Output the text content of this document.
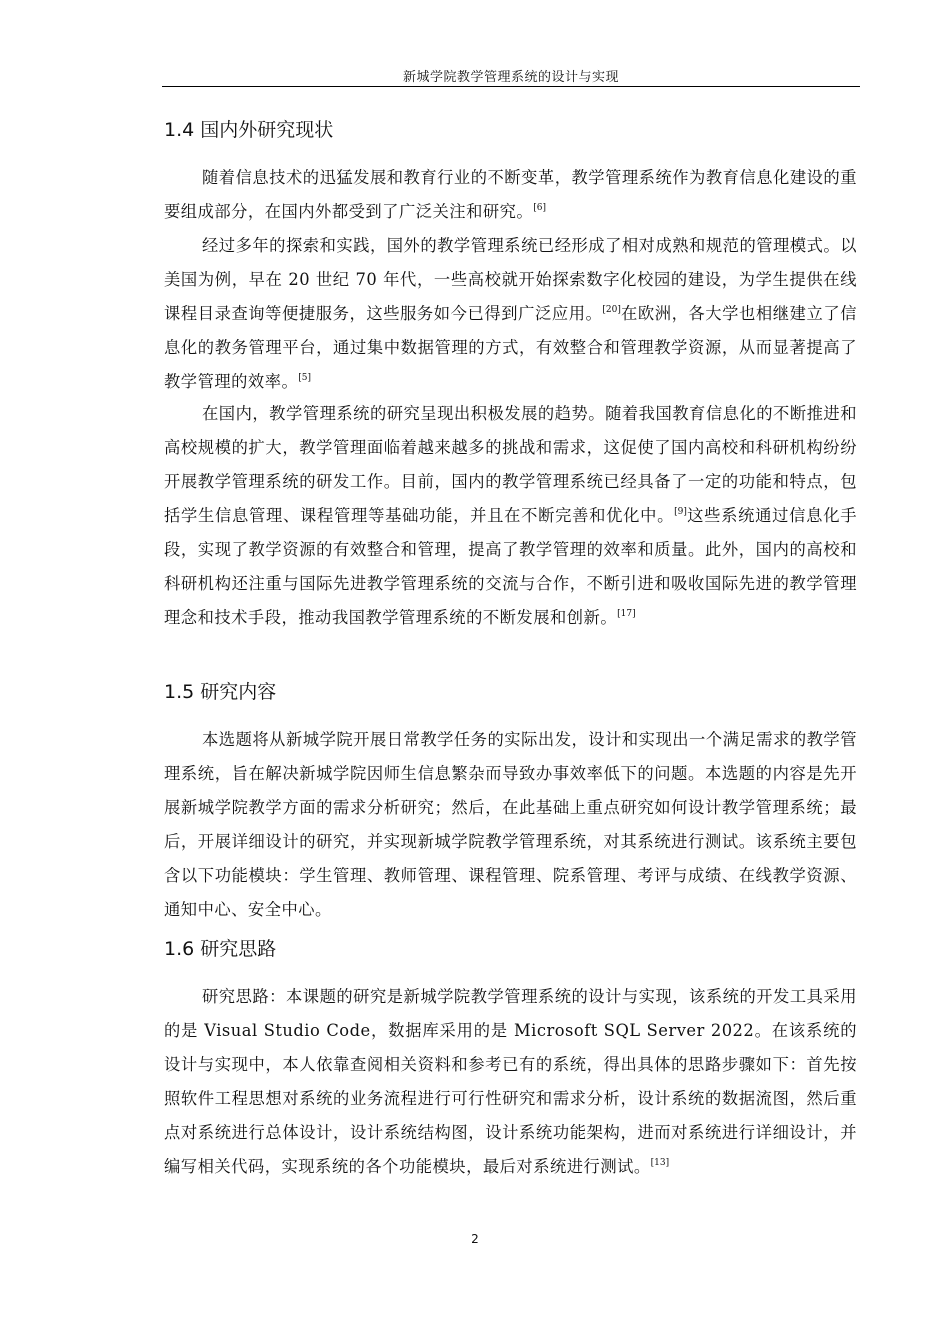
新城学院教学管理系统的设计与实现
1.4 国内外研究现状

随着信息技术的迅猛发展和教育行业的不断变革，教学管理系统作为教育信息化建设的重要组成部分，在国内外都受到了广泛关注和研究。[6]

经过多年的探索和实践，国外的教学管理系统已经形成了相对成熟和规范的管理模式。以美国为例，早在 20 世纪 70 年代，一些高校就开始探索数字化校园的建设，为学生提供在线课程目录查询等便捷服务，这些服务如今已得到广泛应用。[20]在欧洲，各大学也相继建立了信息化的教务管理平台，通过集中数据管理的方式，有效整合和管理教学资源，从而显著提高了教学管理的效率。[5]

在国内，教学管理系统的研究呈现出积极发展的趋势。随着我国教育信息化的不断推进和高校规模的扩大，教学管理面临着越来越多的挑战和需求，这促使了国内高校和科研机构纷纷开展教学管理系统的研发工作。目前，国内的教学管理系统已经具备了一定的功能和特点，包括学生信息管理、课程管理等基础功能，并且在不断完善和优化中。[9]这些系统通过信息化手段，实现了教学资源的有效整合和管理，提高了教学管理的效率和质量。此外，国内的高校和科研机构还注重与国际先进教学管理系统的交流与合作，不断引进和吸收国际先进的教学管理理念和技术手段，推动我国教学管理系统的不断发展和创新。[17]

1.5 研究内容

本选题将从新城学院开展日常教学任务的实际出发，设计和实现出一个满足需求的教学管理系统，旨在解决新城学院因师生信息繁杂而导致办事效率低下的问题。本选题的内容是先开展新城学院教学方面的需求分析研究；然后，在此基础上重点研究如何设计教学管理系统；最后，开展详细设计的研究，并实现新城学院教学管理系统，对其系统进行测试。该系统主要包含以下功能模块：学生管理、教师管理、课程管理、院系管理、考评与成绩、在线教学资源、通知中心、安全中心。

1.6 研究思路

研究思路：本课题的研究是新城学院教学管理系统的设计与实现，该系统的开发工具采用的是 Visual Studio Code，数据库采用的是 Microsoft SQL Server 2022。在该系统的设计与实现中，本人依靠查阅相关资料和参考已有的系统，得出具体的思路步骤如下：首先按照软件工程思想对系统的业务流程进行可行性研究和需求分析，设计系统的数据流图，然后重点对系统进行总体设计，设计系统结构图，设计系统功能架构，进而对系统进行详细设计，并编写相关代码，实现系统的各个功能模块，最后对系统进行测试。[13]

2
